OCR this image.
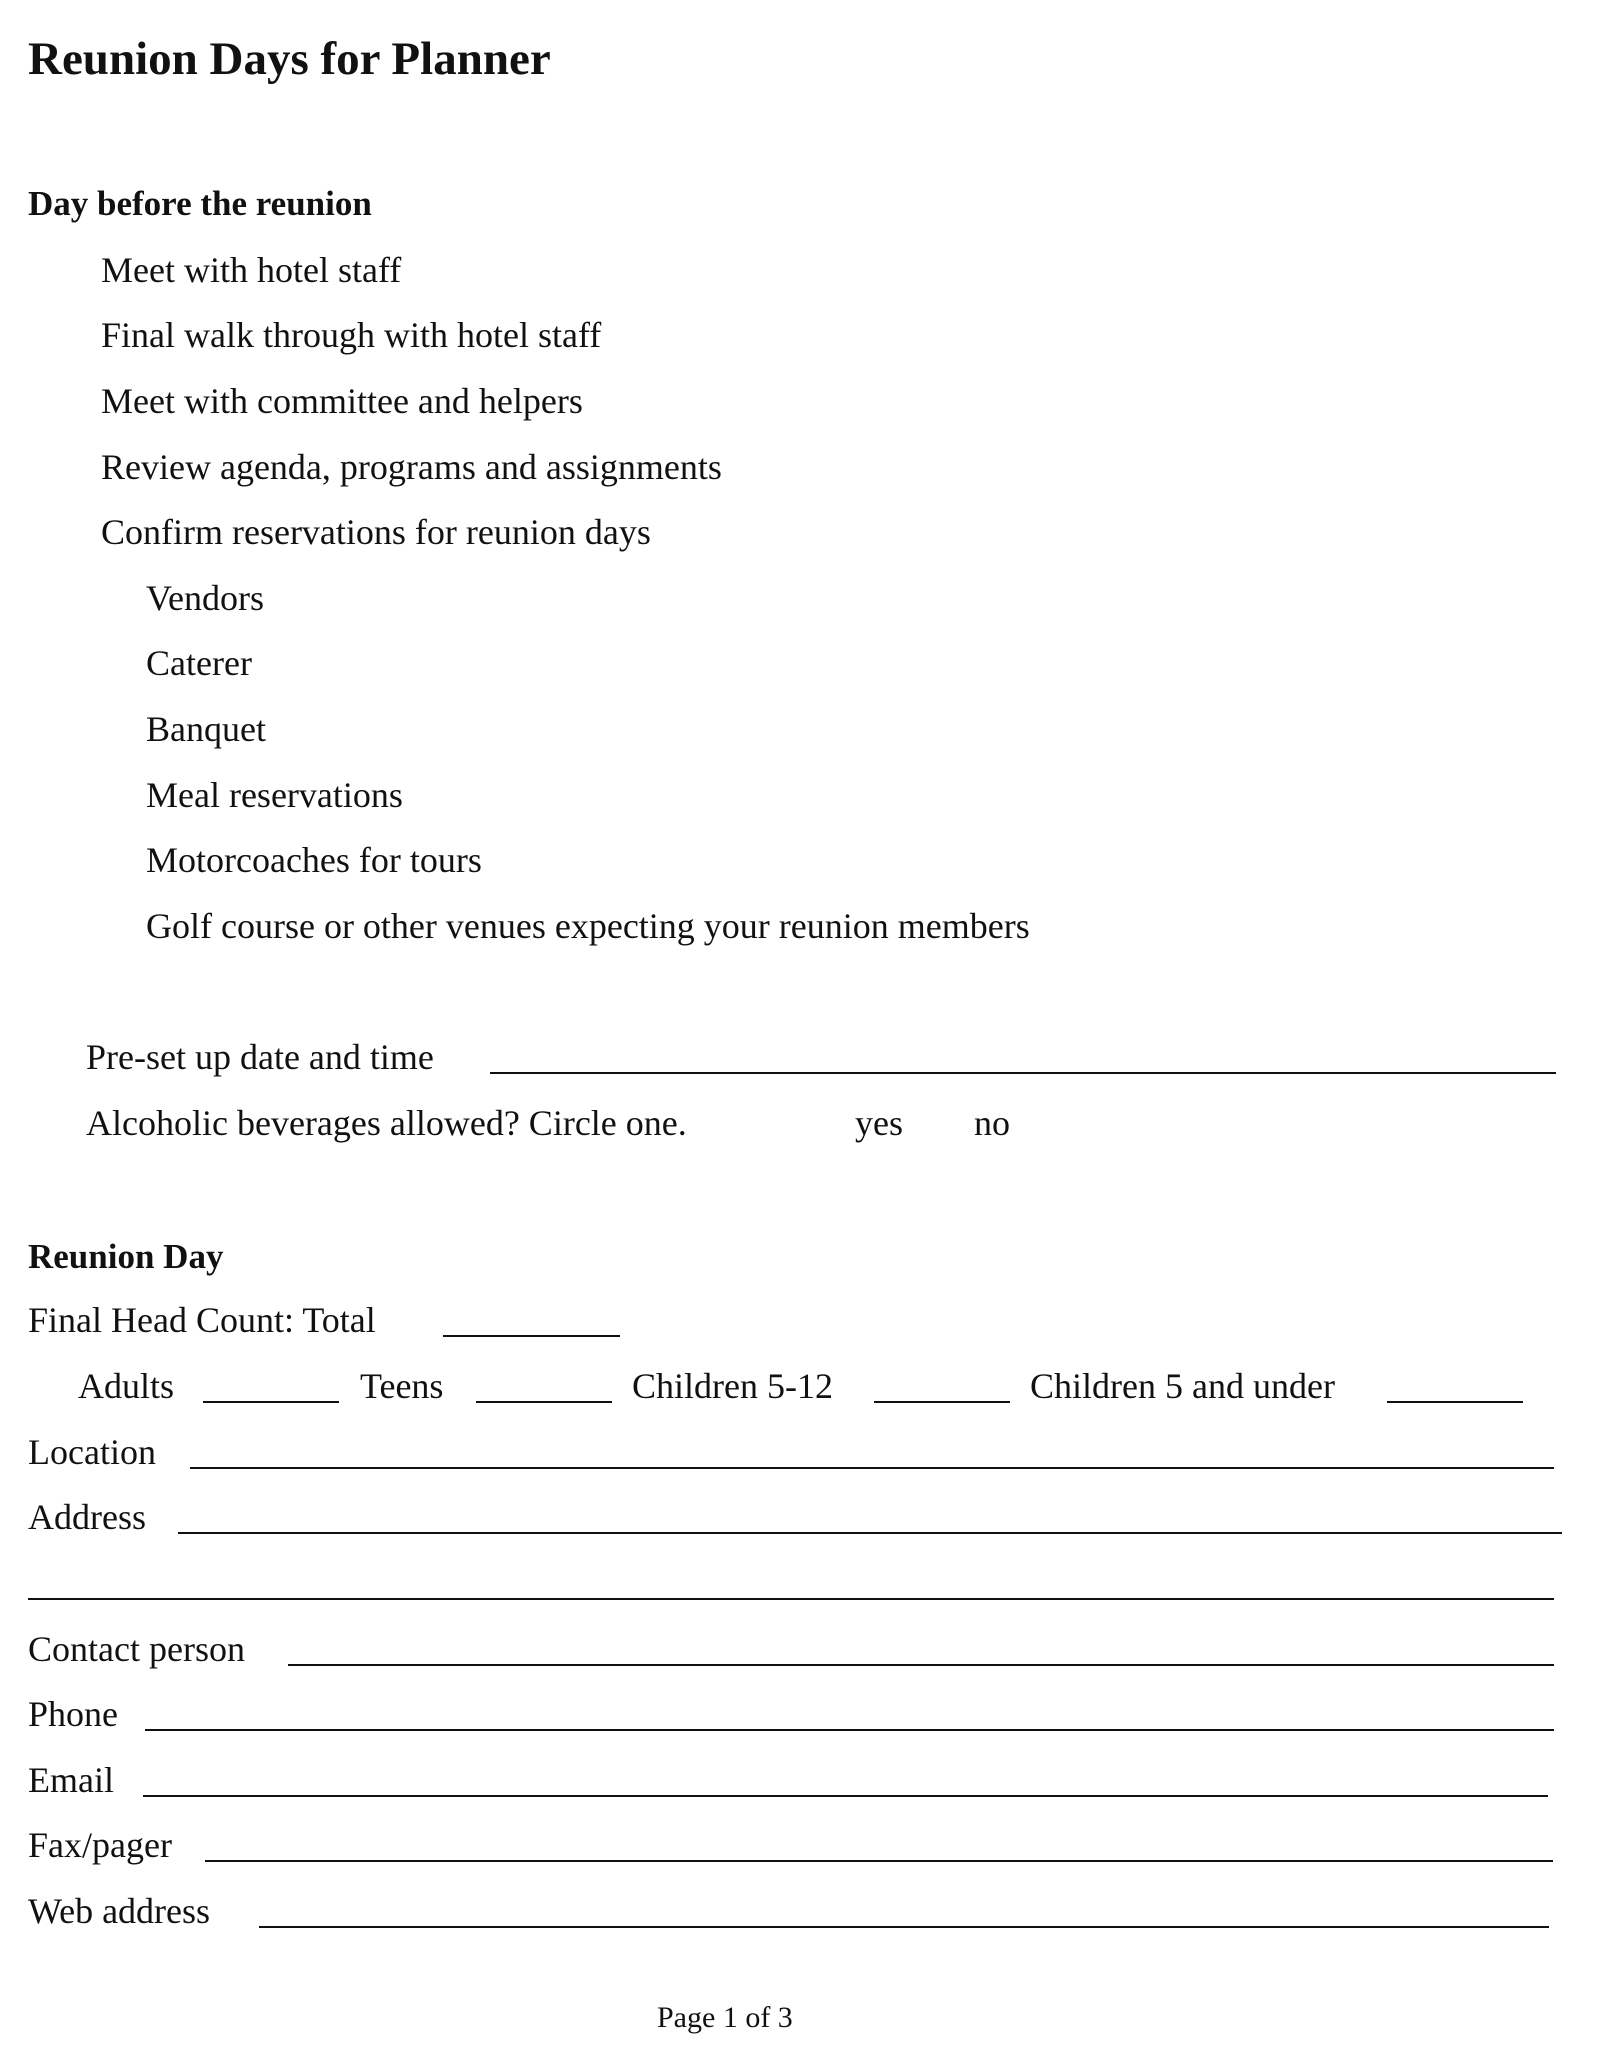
Reunion Days for Planner
Day before the reunion
Meet with hotel staff
Final walk through with hotel staff
Meet with committee and helpers
Review agenda, programs and assignments
Confirm reservations for reunion days
Vendors
Caterer
Banquet
Meal reservations
Motorcoaches for tours
Golf course or other venues expecting your reunion members
Pre-set up date and time
Alcoholic beverages allowed? Circle one.	yes no
Reunion Day
Final Head Count: Total
Adults	Teens	Children 5-12	Children 5 and under
Location
Address
Contact person
Phone
Email
Fax/pager
Web address
Page 1 of 3
